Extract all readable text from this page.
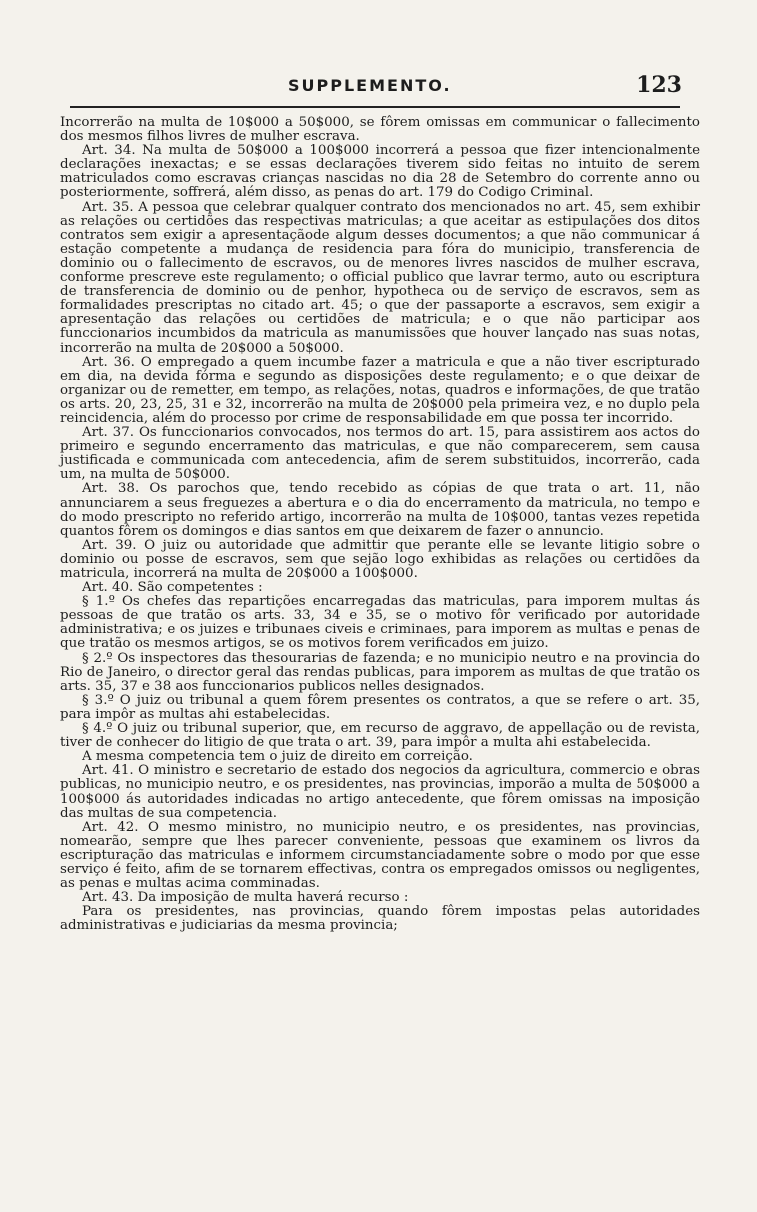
SUPPLEMENTO.	123

Incorrerão na multa de 10$000 a 50$000, se fôrem omissas em communicar o fallecimento dos mesmos filhos livres de mulher escrava.

Art. 34. Na multa de 50$000 a 100$000 incorrerá a pessoa que fizer intencionalmente declarações inexactas; e se essas declarações tiverem sido feitas no intuito de serem matriculados como escravas crianças nascidas no dia 28 de Setembro do corrente anno ou posteriormente, soffrerá, além disso, as penas do art. 179 do Codigo Criminal.

Art. 35. A pessoa que celebrar qualquer contrato dos mencionados no art. 45, sem exhibir as relações ou certidões das respectivas matriculas; a que aceitar as estipulações dos ditos contratos sem exigir a apresentaçãode algum desses documentos; a que não communicar á estação competente a mudança de residencia para fóra do municipio, transferencia de dominio ou o fallecimento de escravos, ou de menores livres nascidos de mulher escrava, conforme prescreve este regulamento; o official publico que lavrar termo, auto ou escriptura de transferencia de dominio ou de penhor, hypotheca ou de serviço de escravos, sem as formalidades prescriptas no citado art. 45; o que der passaporte a escravos, sem exigir a apresentação das relações ou certidões de matricula; e o que não participar aos funccionarios incumbidos da matricula as manumissões que houver lançado nas suas notas, incorrerão na multa de 20$000 a 50$000.

Art. 36. O empregado a quem incumbe fazer a matricula e que a não tiver escripturado em dia, na devida fórma e segundo as disposições deste regulamento; e o que deixar de organizar ou de remetter, em tempo, as relações, notas, quadros e informações, de que tratão os arts. 20, 23, 25, 31 e 32, incorrerão na multa de 20$000 pela primeira vez, e no duplo pela reincidencia, além do processo por crime de responsabilidade em que possa ter incorrido.

Art. 37. Os funccionarios convocados, nos termos do art. 15, para assistirem aos actos do primeiro e segundo encerramento das matriculas, e que não comparecerem, sem causa justificada e communicada com antecedencia, afim de serem substituidos, incorrerão, cada um, na multa de 50$000.

Art. 38. Os parochos que, tendo recebido as cópias de que trata o art. 11, não annunciarem a seus freguezes a abertura e o dia do encerramento da matricula, no tempo e do modo prescripto no referido artigo, incorrerão na multa de 10$000, tantas vezes repetida quantos fôrem os domingos e dias santos em que deixarem de fazer o annuncio.

Art. 39. O juiz ou autoridade que admittir que perante elle se levante litigio sobre o dominio ou posse de escravos, sem que sejão logo exhibidas as relações ou certidões da matricula, incorrerá na multa de 20$000 a 100$000.

Art. 40. São competentes :

§ 1.º Os chefes das repartições encarregadas das matriculas, para imporem multas ás pessoas de que tratão os arts. 33, 34 e 35, se o motivo fôr verificado por autoridade administrativa; e os juizes e tribunaes civeis e criminaes, para imporem as multas e penas de que tratão os mesmos artigos, se os motivos forem verificados em juizo.

§ 2.º Os inspectores das thesourarias de fazenda; e no municipio neutro e na provincia do Rio de Janeiro, o director geral das rendas publicas, para imporem as multas de que tratão os arts. 35, 37 e 38 aos funccionarios publicos nelles designados.

§ 3.º O juiz ou tribunal a quem fôrem presentes os contratos, a que se refere o art. 35, para impôr as multas ahi estabelecidas.

§ 4.º O juiz ou tribunal superior, que, em recurso de aggravo, de appellação ou de revista, tiver de conhecer do litigio de que trata o art. 39, para impôr a multa ahi estabelecida.

A mesma competencia tem o juiz de direito em correição.

Art. 41. O ministro e secretario de estado dos negocios da agricultura, commercio e obras publicas, no municipio neutro, e os presidentes, nas provincias, imporão a multa de 50$000 a 100$000 ás autoridades indicadas no artigo antecedente, que fôrem omissas na imposição das multas de sua competencia.

Art. 42. O mesmo ministro, no municipio neutro, e os presidentes, nas provincias, nomearão, sempre que lhes parecer conveniente, pessoas que examinem os livros da escripturação das matriculas e informem circumstanciadamente sobre o modo por que esse serviço é feito, afim de se tornarem effectivas, contra os empregados omissos ou negligentes, as penas e multas acima comminadas.

Art. 43. Da imposição de multa haverá recurso :

Para os presidentes, nas provincias, quando fôrem impostas pelas autoridades administrativas e judiciarias da mesma provincia;
